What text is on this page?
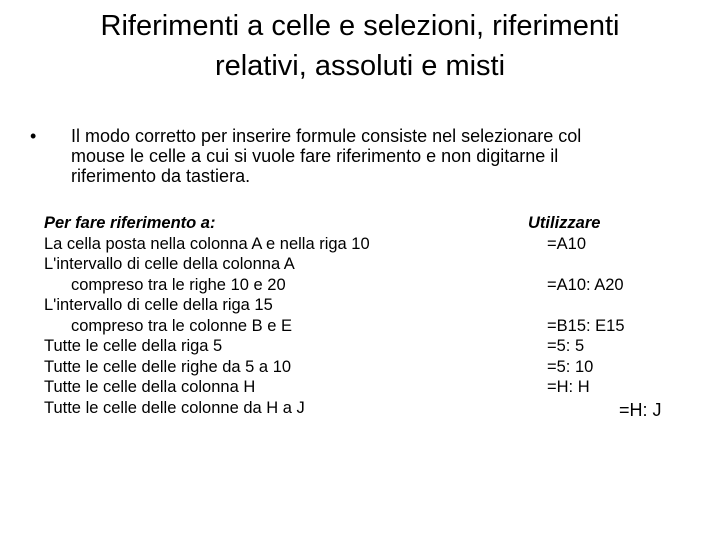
Riferimenti a celle e selezioni, riferimenti
relativi, assoluti e misti
• Il modo corretto per inserire formule consiste nel selezionare col
mouse le celle a cui si vuole fare riferimento e non digitarne il
riferimento da tastiera.
Per fare riferimento a:
La cella posta nella colonna A e nella riga 10
L'intervallo di celle della colonna A
compreso tra le righe 10 e 20
L'intervallo di celle della riga 15
compreso tra le colonne B e E
Tutte le celle della riga 5
Tutte le celle delle righe da 5 a 10
Tutte le celle della colonna H
Tutte le celle delle colonne da H a J
Utilizzare
=A10
=A10: A20
=B15: E15
=5: 5
=5: 10
=H: H
=H: J
